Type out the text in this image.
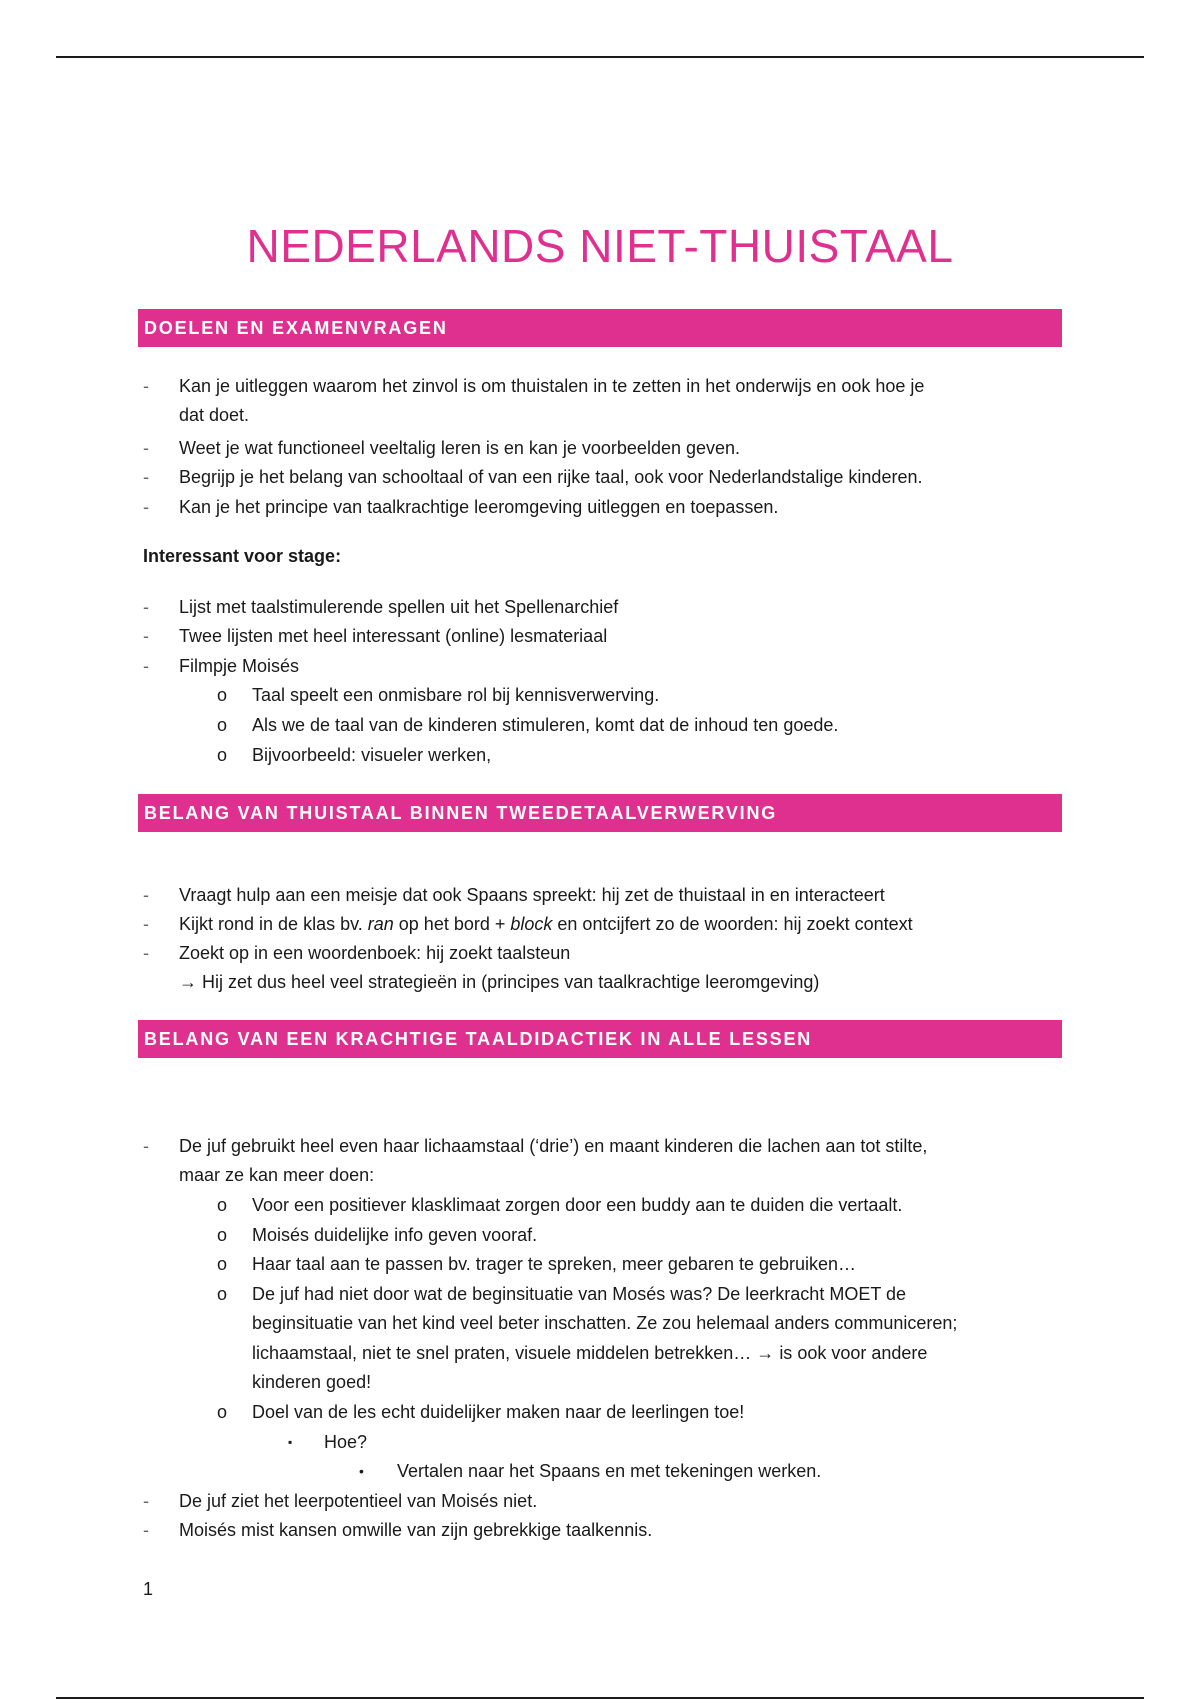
NEDERLANDS NIET-THUISTAAL
DOELEN EN EXAMENVRAGEN
- Kan je uitleggen waarom het zinvol is om thuistalen in te zetten in het onderwijs en ook hoe je
dat doet.
- Weet je wat functioneel veeltalig leren is en kan je voorbeelden geven.
- Begrijp je het belang van schooltaal of van een rijke taal, ook voor Nederlandstalige kinderen.
- Kan je het principe van taalkrachtige leeromgeving uitleggen en toepassen.
Interessant voor stage:
- Lijst met taalstimulerende spellen uit het Spellenarchief
- Twee lijsten met heel interessant (online) lesmateriaal
- Filmpje Moisés
o Taal speelt een onmisbare rol bij kennisverwerving.
o Als we de taal van de kinderen stimuleren, komt dat de inhoud ten goede.
o Bijvoorbeeld: visueler werken,
BELANG VAN THUISTAAL BINNEN TWEEDETAALVERWERVING
- Vraagt hulp aan een meisje dat ook Spaans spreekt: hij zet de thuistaal in en interacteert
- Kijkt rond in de klas bv. ran op het bord + block en ontcijfert zo de woorden: hij zoekt context
- Zoekt op in een woordenboek: hij zoekt taalsteun
→ Hij zet dus heel veel strategieën in (principes van taalkrachtige leeromgeving)
BELANG VAN EEN KRACHTIGE TAALDIDACTIEK IN ALLE LESSEN
- De juf gebruikt heel even haar lichaamstaal (‘drie’) en maant kinderen die lachen aan tot stilte,
maar ze kan meer doen:
o Voor een positiever klasklimaat zorgen door een buddy aan te duiden die vertaalt.
o Moisés duidelijke info geven vooraf.
o Haar taal aan te passen bv. trager te spreken, meer gebaren te gebruiken…
o De juf had niet door wat de beginsituatie van Mosés was? De leerkracht MOET de
beginsituatie van het kind veel beter inschatten. Ze zou helemaal anders communiceren;
lichaamstaal, niet te snel praten, visuele middelen betrekken… → is ook voor andere
kinderen goed!
o Doel van de les echt duidelijker maken naar de leerlingen toe!
▪ Hoe?
• Vertalen naar het Spaans en met tekeningen werken.
- De juf ziet het leerpotentieel van Moisés niet.
- Moisés mist kansen omwille van zijn gebrekkige taalkennis.
1
